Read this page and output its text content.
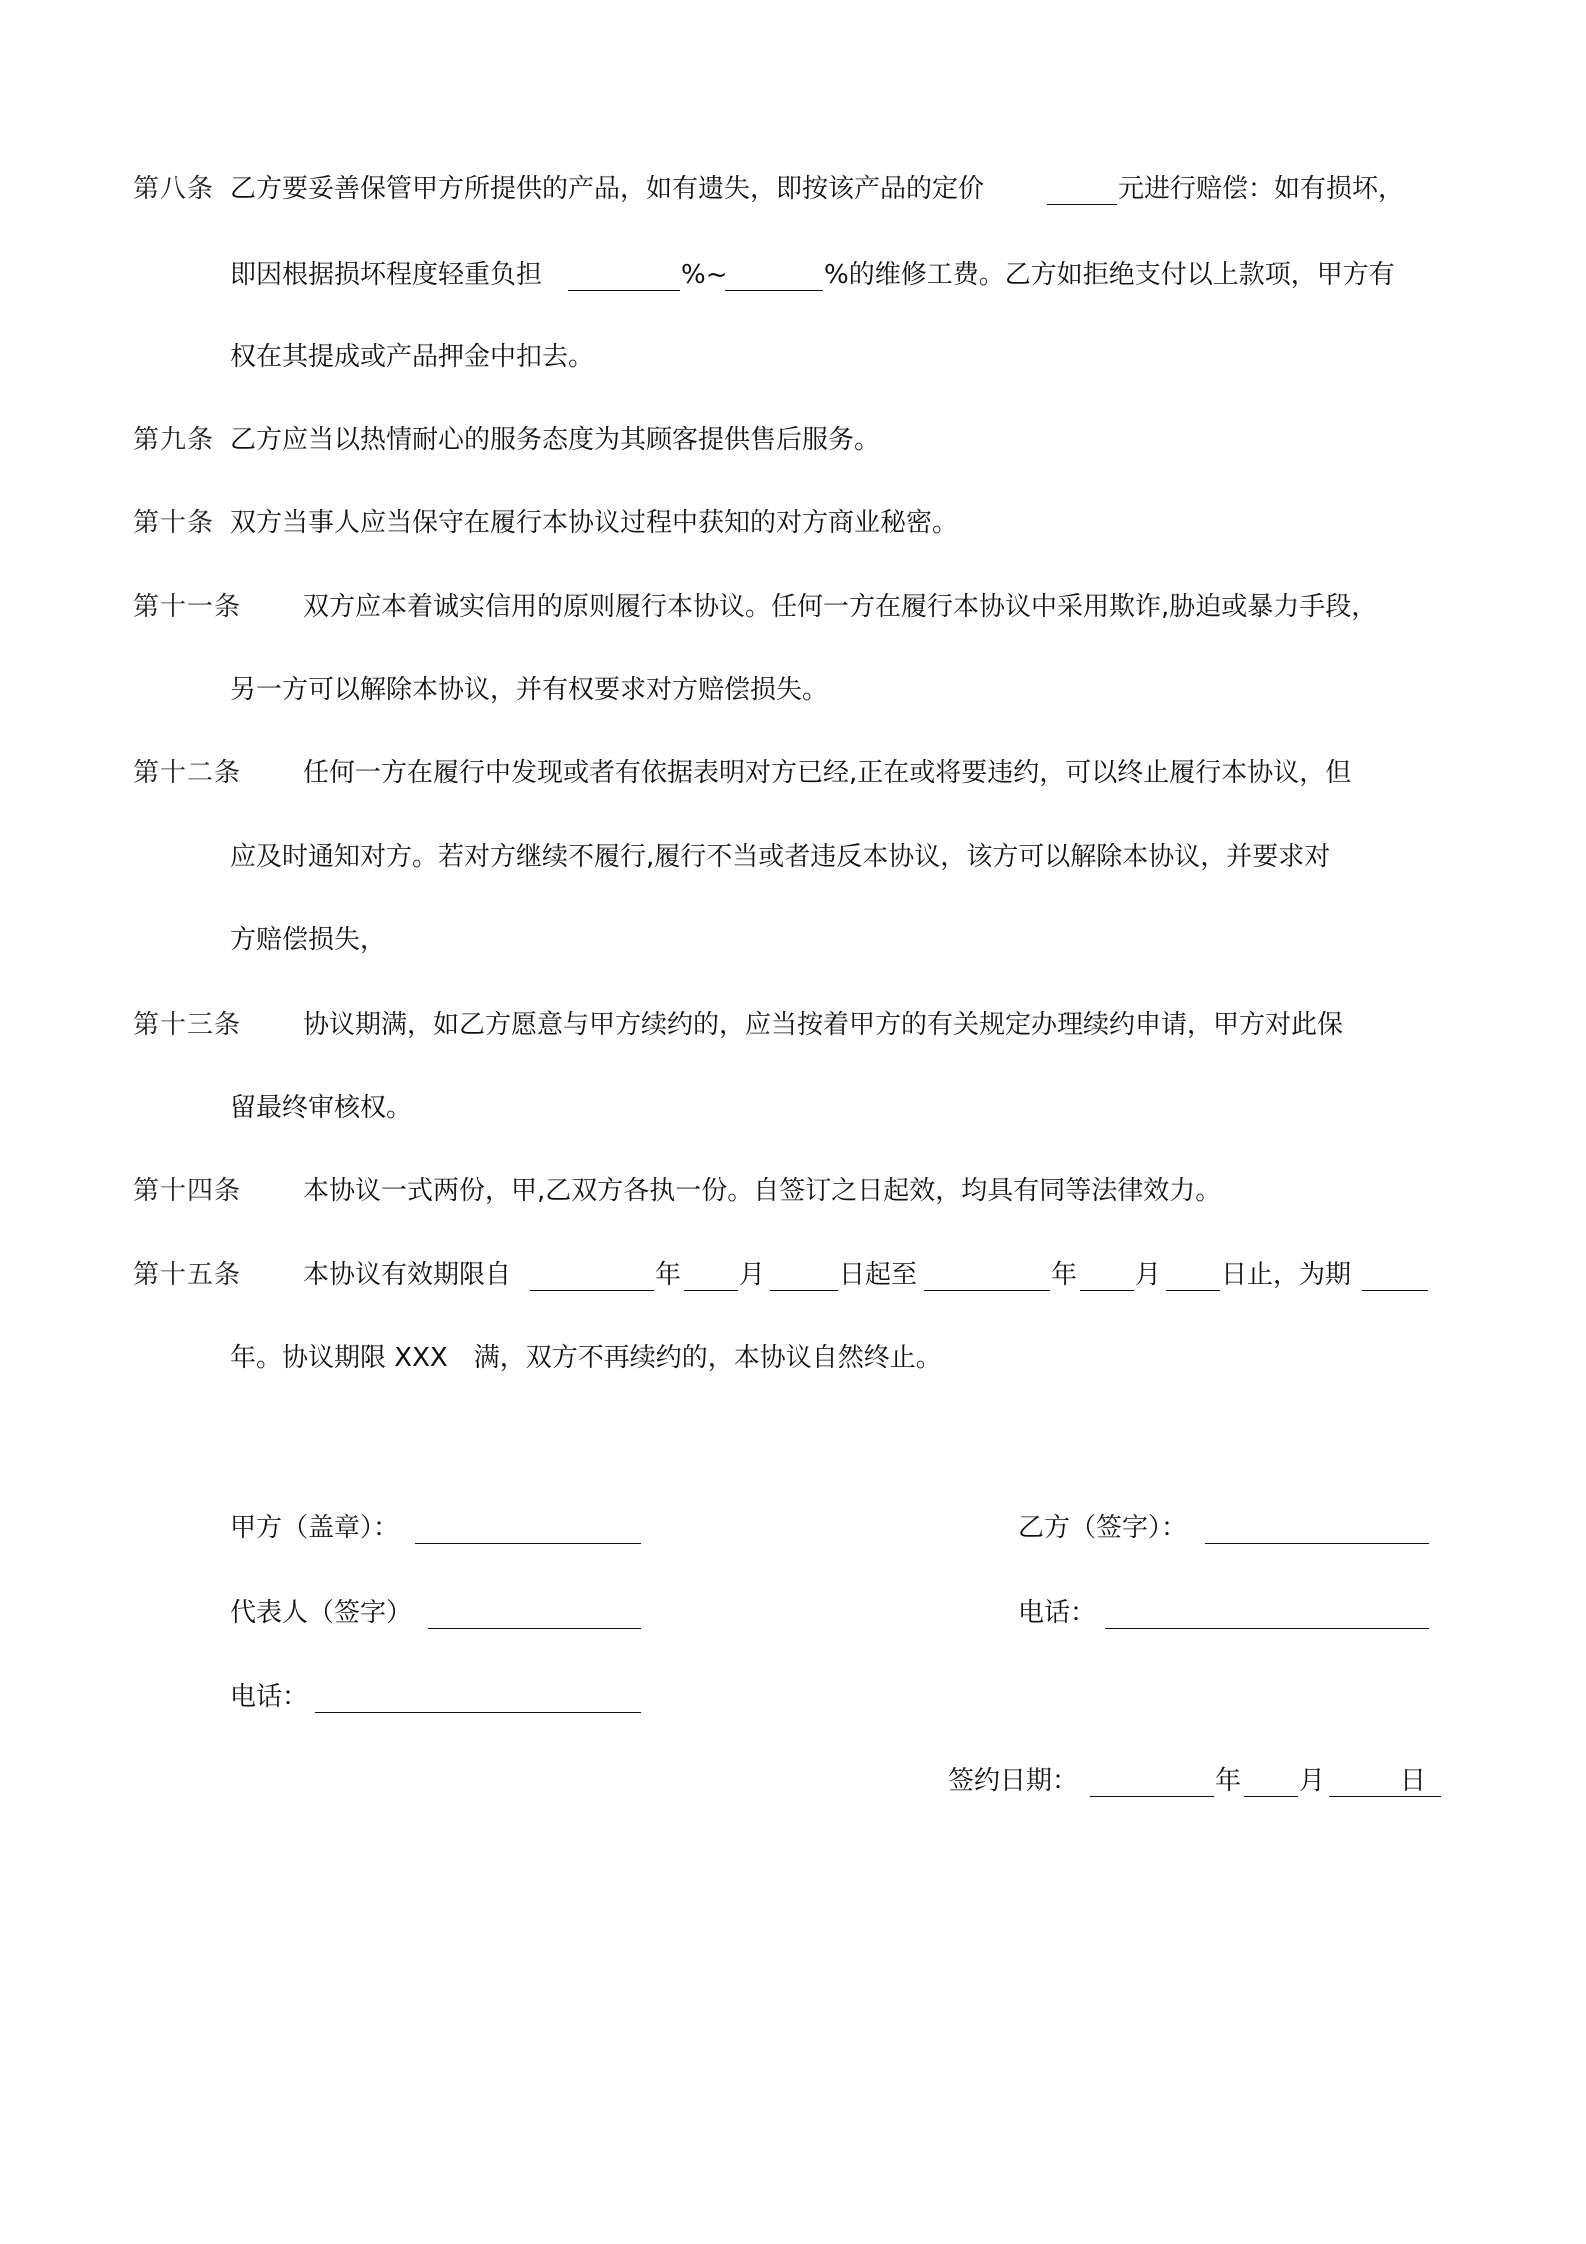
第八条 乙方要妥善保管甲方所提供的产品，如有遗失，即按该产品的定价	元进行赔偿：如有损坏，
即因根据损坏程度轻重负担	%~	%的维修工费。乙方如拒绝支付以上款项，甲方有
权在其提成或产品押金中扣去。
第九条 乙方应当以热情耐心的服务态度为其顾客提供售后服务。
第十条 双方当事人应当保守在履行本协议过程中获知的对方商业秘密。
第十一条 双方应本着诚实信用的原则履行本协议。任何一方在履行本协议中采用欺诈,胁迫或暴力手段，
另一方可以解除本协议，并有权要求对方赔偿损失。
第十二条 任何一方在履行中发现或者有依据表明对方已经,正在或将要违约，可以终止履行本协议，但
应及时通知对方。若对方继续不履行,履行不当或者违反本协议，该方可以解除本协议，并要求对
方赔偿损失，
第十三条 协议期满，如乙方愿意与甲方续约的，应当按着甲方的有关规定办理续约申请，甲方对此保
留最终审核权。
第十四条 本协议一式两份，甲,乙双方各执一份。自签订之日起效，均具有同等法律效力。
第十五条 本协议有效期限自	年 月	日起至	年 月 日止，为期
年。协议期限 XXX　满，双方不再续约的，本协议自然终止。
甲方（盖章）：	乙方（签字）：
代表人（签字）	电话：
电话：
签约日期：	年 月	日
